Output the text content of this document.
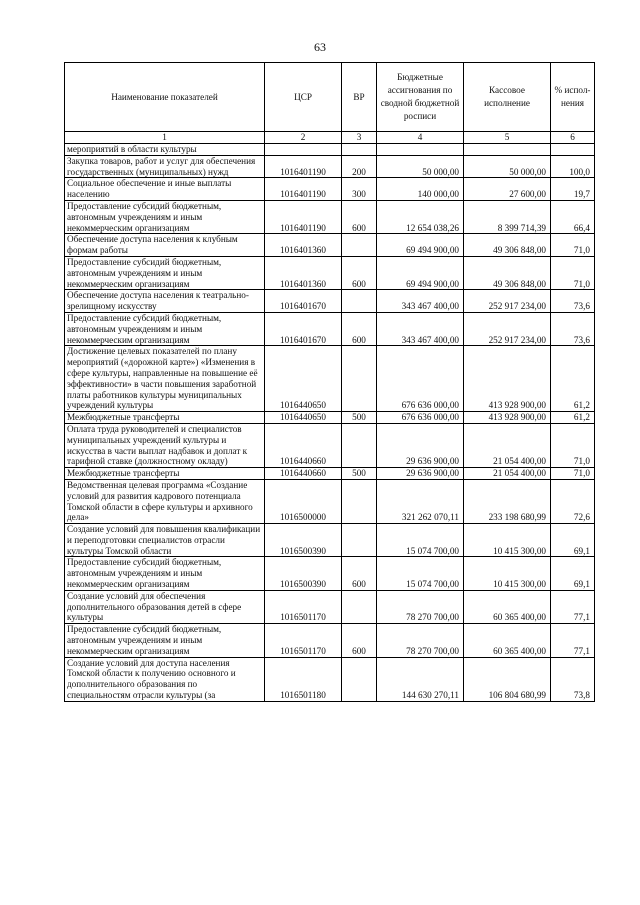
63
Наименование показателей	ЦСР	ВР	Бюджетные ассигнования по сводной бюджетной росписи	Кассовое исполнение	% испол-нения
1	2	3	4	5	6
мероприятий в области культуры					
Закупка товаров, работ и услуг для обеспечения государственных (муниципальных) нужд	1016401190	200	50 000,00	50 000,00	100,0
Социальное обеспечение и иные выплаты населению	1016401190	300	140 000,00	27 600,00	19,7
Предоставление субсидий бюджетным, автономным учреждениям и иным некоммерческим организациям	1016401190	600	12 654 038,26	8 399 714,39	66,4
Обеспечение доступа населения к клубным формам работы	1016401360		69 494 900,00	49 306 848,00	71,0
Предоставление субсидий бюджетным, автономным учреждениям и иным некоммерческим организациям	1016401360	600	69 494 900,00	49 306 848,00	71,0
Обеспечение доступа населения к театрально-зрелищному искусству	1016401670		343 467 400,00	252 917 234,00	73,6
Предоставление субсидий бюджетным, автономным учреждениям и иным некоммерческим организациям	1016401670	600	343 467 400,00	252 917 234,00	73,6
Достижение целевых показателей по плану мероприятий («дорожной карте») «Изменения в сфере культуры, направленные на повышение её эффективности» в части повышения заработной платы работников культуры муниципальных учреждений культуры	1016440650		676 636 000,00	413 928 900,00	61,2
Межбюджетные трансферты	1016440650	500	676 636 000,00	413 928 900,00	61,2
Оплата труда руководителей и специалистов муниципальных учреждений культуры и искусства в части выплат надбавок и доплат к тарифной ставке (должностному окладу)	1016440660		29 636 900,00	21 054 400,00	71,0
Межбюджетные трансферты	1016440660	500	29 636 900,00	21 054 400,00	71,0
Ведомственная целевая программа «Создание условий для развития кадрового потенциала Томской области в сфере культуры и архивного дела»	1016500000		321 262 070,11	233 198 680,99	72,6
Создание условий для повышения квалификации и переподготовки специалистов отрасли культуры Томской области	1016500390		15 074 700,00	10 415 300,00	69,1
Предоставление субсидий бюджетным, автономным учреждениям и иным некоммерческим организациям	1016500390	600	15 074 700,00	10 415 300,00	69,1
Создание условий для обеспечения дополнительного образования детей в сфере культуры	1016501170		78 270 700,00	60 365 400,00	77,1
Предоставление субсидий бюджетным, автономным учреждениям и иным некоммерческим организациям	1016501170	600	78 270 700,00	60 365 400,00	77,1
Создание условий для доступа населения Томской области к получению основного и дополнительного образования по специальностям отрасли культуры (за	1016501180		144 630 270,11	106 804 680,99	73,8
